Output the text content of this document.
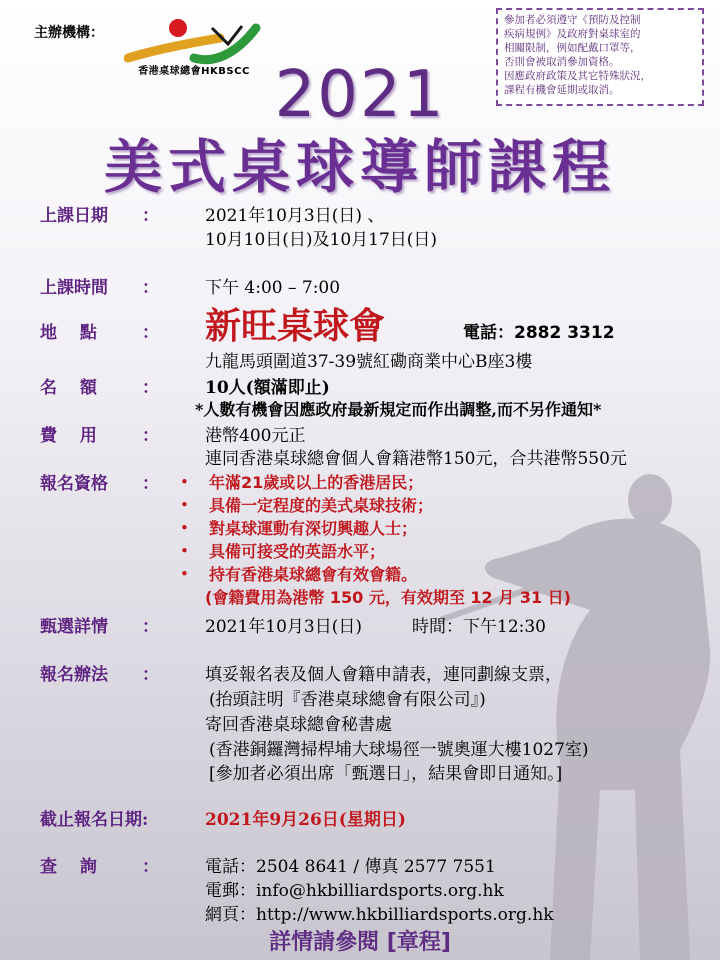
主辦機構：
香港桌球總會HKBSCC
參加者必須遵守《預防及控制
疾病規例》及政府對桌球室的
相關限制，例如配戴口罩等，
否則會被取消參加資格。
因應政府政策及其它特殊狀況，
課程有機會延期或取消。
2021
美式桌球導師課程
上課日期 ：	2021年10月3日(日) 、
10月10日(日)及10月17日(日)
上課時間 ：	下午 4:00 – 7:00
地　 點	： 新旺桌球會	電話：2882 3312
九龍馬頭圍道37-39號紅磡商業中心B座3樓
名　 額	：	10人(額滿即止)
*人數有機會因應政府最新規定而作出調整,而不另作通知*
費　 用	：	港幣400元正
連同香港桌球總會個人會籍港幣150元，合共港幣550元
報名資格 ： • 年滿21歲或以上的香港居民；
• 具備一定程度的美式桌球技術；
• 對桌球運動有深切興趣人士；
• 具備可接受的英語水平；
• 持有香港桌球總會有效會籍。
(會籍費用為港幣 150 元，有效期至 12 月 31 日)
甄選詳情 ：	2021年10月3日(日)	時間：下午12:30
報名辦法 ：	填妥報名表及個人會籍申請表，連同劃線支票，
(抬頭註明『香港桌球總會有限公司』)
寄回香港桌球總會秘書處
(香港銅鑼灣掃桿埔大球場徑一號奧運大樓1027室)
[參加者必須出席「甄選日」，結果會即日通知。]
截止報名日期:	2021年9月26日(星期日)
查　 詢	：	電話：2504 8641 / 傳真 2577 7551
電郵：info@hkbilliardsports.org.hk
網頁：http://www.hkbilliardsports.org.hk
詳情請參閱 [章程]
